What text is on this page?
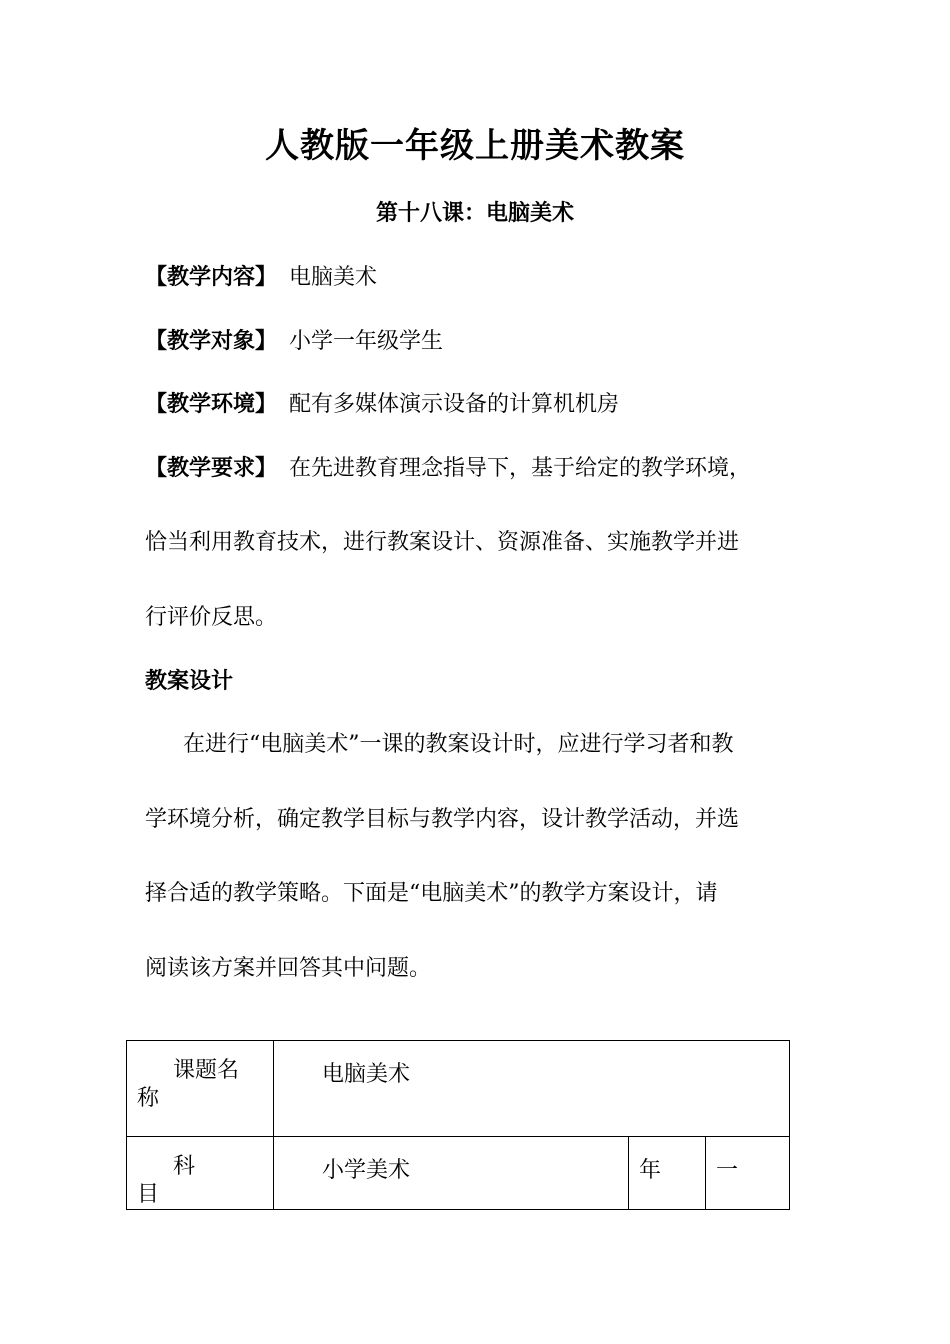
人教版一年级上册美术教案
第十八课：电脑美术
【教学内容】 电脑美术
【教学对象】 小学一年级学生
【教学环境】 配有多媒体演示设备的计算机机房
【教学要求】 在先进教育理念指导下，基于给定的教学环境，
恰当利用教育技术，进行教案设计、资源准备、实施教学并进
行评价反思。
教案设计
在进行“电脑美术”一课的教案设计时，应进行学习者和教
学环境分析，确定教学目标与教学内容，设计教学活动，并选
择合适的教学策略。下面是“电脑美术”的教学方案设计，请
阅读该方案并回答其中问题。
课题名
称	电脑美术		
科目	小学美术	年	一
